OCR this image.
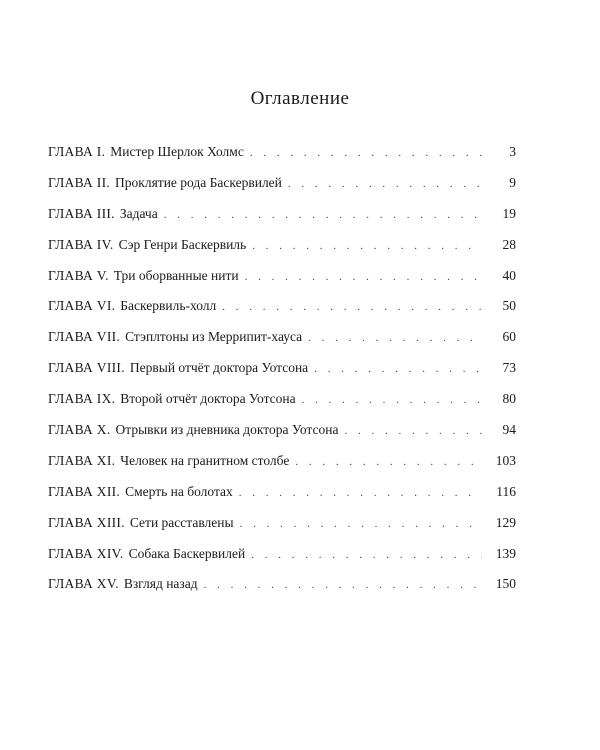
Оглавление
ГЛАВА I. Мистер Шерлок Холмс . . .	3
ГЛАВА II. Проклятие рода Баскервилей . . .	9
ГЛАВА III. Задача . . .	19
ГЛАВА IV. Сэр Генри Баскервиль . . .	28
ГЛАВА V. Три оборванные нити . . .	40
ГЛАВА VI. Баскервиль-холл . . .	50
ГЛАВА VII. Стэплтоны из Меррипит-хауса . . .	60
ГЛАВА VIII. Первый отчёт доктора Уотсона . . .	73
ГЛАВА IX. Второй отчёт доктора Уотсона . . .	80
ГЛАВА X. Отрывки из дневника доктора Уотсона . . .	94
ГЛАВА XI. Человек на гранитном столбе . . .	103
ГЛАВА XII. Смерть на болотах . . .	116
ГЛАВА XIII. Сети расставлены . . .	129
ГЛАВА XIV. Собака Баскервилей . . .	139
ГЛАВА XV. Взгляд назад . . .	150
